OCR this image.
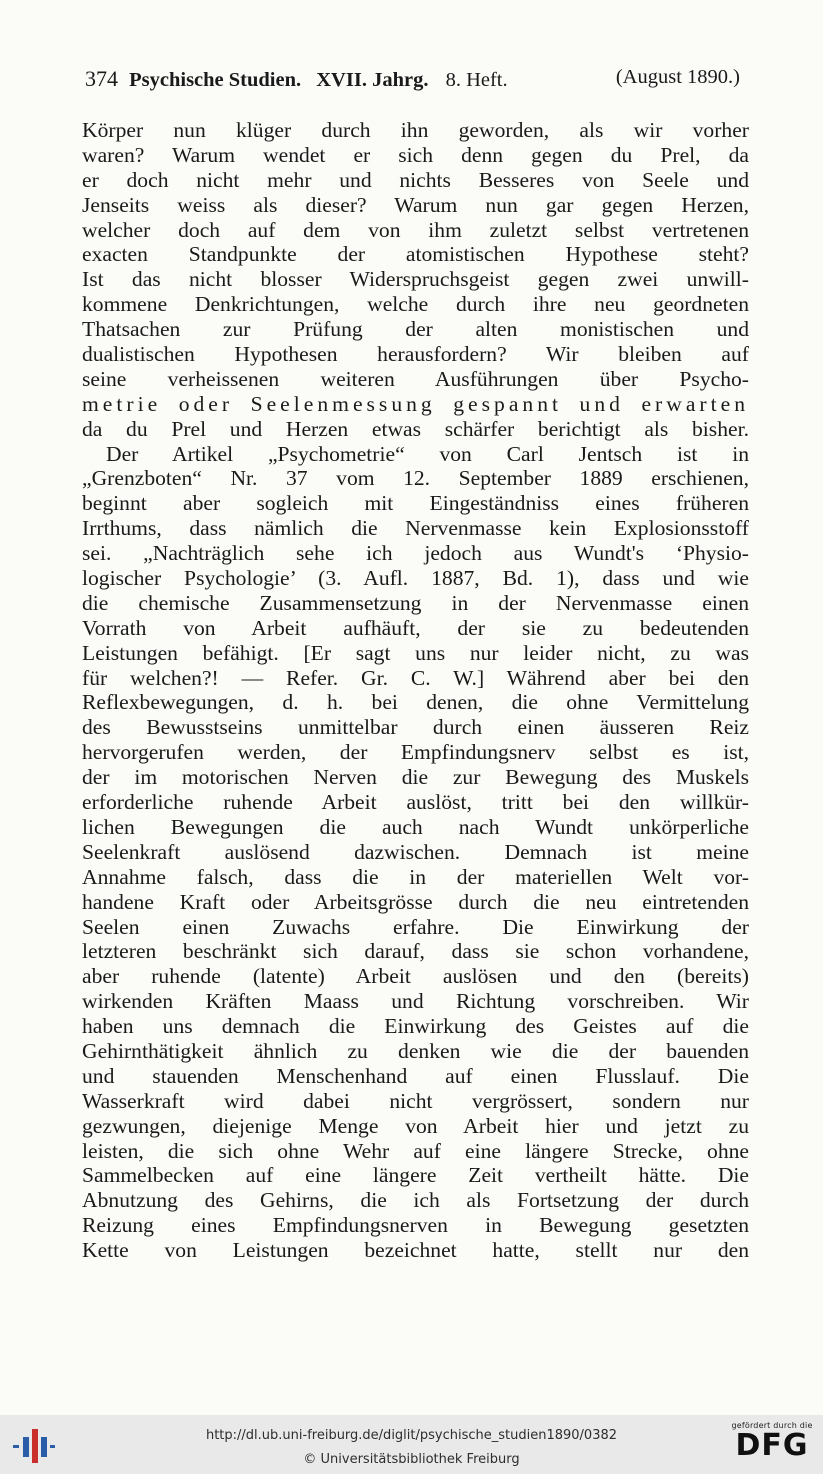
374 Psychische Studien. XVII. Jahrg. 8. Heft.	(August 1890.)
Körper nun klüger durch ihn geworden, als wir vorher
waren? Warum wendet er sich denn gegen du Prel, da
er doch nicht mehr und nichts Besseres von Seele und
Jenseits weiss als dieser? Warum nun gar gegen Herzen,
welcher doch auf dem von ihm zuletzt selbst vertretenen
exacten Standpunkte der atomistischen Hypothese steht?
Ist das nicht blosser Widerspruchsgeist gegen zwei unwill-
kommene Denkrichtungen, welche durch ihre neu geordneten
Thatsachen zur Prüfung der alten monistischen und
dualistischen Hypothesen herausfordern? Wir bleiben auf
seine verheissenen weiteren Ausführungen über Psycho-
metrie oder Seelenmessung gespannt und erwarten
da du Prel und Herzen etwas schärfer berichtigt als bisher.
Der Artikel „Psychometrie“ von Carl Jentsch ist in
„Grenzboten“ Nr. 37 vom 12. September 1889 erschienen,
beginnt aber sogleich mit Eingeständniss eines früheren
Irrthums, dass nämlich die Nervenmasse kein Explosionsstoff
sei. „Nachträglich sehe ich jedoch aus Wundt's ‘Physio-
logischer Psychologie’ (3. Aufl. 1887, Bd. 1), dass und wie
die chemische Zusammensetzung in der Nervenmasse einen
Vorrath von Arbeit aufhäuft, der sie zu bedeutenden
Leistungen befähigt. [Er sagt uns nur leider nicht, zu was
für welchen?! — Refer. Gr. C. W.] Während aber bei den
Reflexbewegungen, d. h. bei denen, die ohne Vermittelung
des Bewusstseins unmittelbar durch einen äusseren Reiz
hervorgerufen werden, der Empfindungsnerv selbst es ist,
der im motorischen Nerven die zur Bewegung des Muskels
erforderliche ruhende Arbeit auslöst, tritt bei den willkür-
lichen Bewegungen die auch nach Wundt unkörperliche
Seelenkraft auslösend dazwischen. Demnach ist meine
Annahme falsch, dass die in der materiellen Welt vor-
handene Kraft oder Arbeitsgrösse durch die neu eintretenden
Seelen einen Zuwachs erfahre. Die Einwirkung der
letzteren beschränkt sich darauf, dass sie schon vorhandene,
aber ruhende (latente) Arbeit auslösen und den (bereits)
wirkenden Kräften Maass und Richtung vorschreiben. Wir
haben uns demnach die Einwirkung des Geistes auf die
Gehirnthätigkeit ähnlich zu denken wie die der bauenden
und stauenden Menschenhand auf einen Flusslauf. Die
Wasserkraft wird dabei nicht vergrössert, sondern nur
gezwungen, diejenige Menge von Arbeit hier und jetzt zu
leisten, die sich ohne Wehr auf eine längere Strecke, ohne
Sammelbecken auf eine längere Zeit vertheilt hätte. Die
Abnutzung des Gehirns, die ich als Fortsetzung der durch
Reizung eines Empfindungsnerven in Bewegung gesetzten
Kette von Leistungen bezeichnet hatte, stellt nur den
http://dl.ub.uni-freiburg.de/diglit/psychische_studien1890/0382
© Universitätsbibliothek Freiburg
gefördert durch die
DFG
